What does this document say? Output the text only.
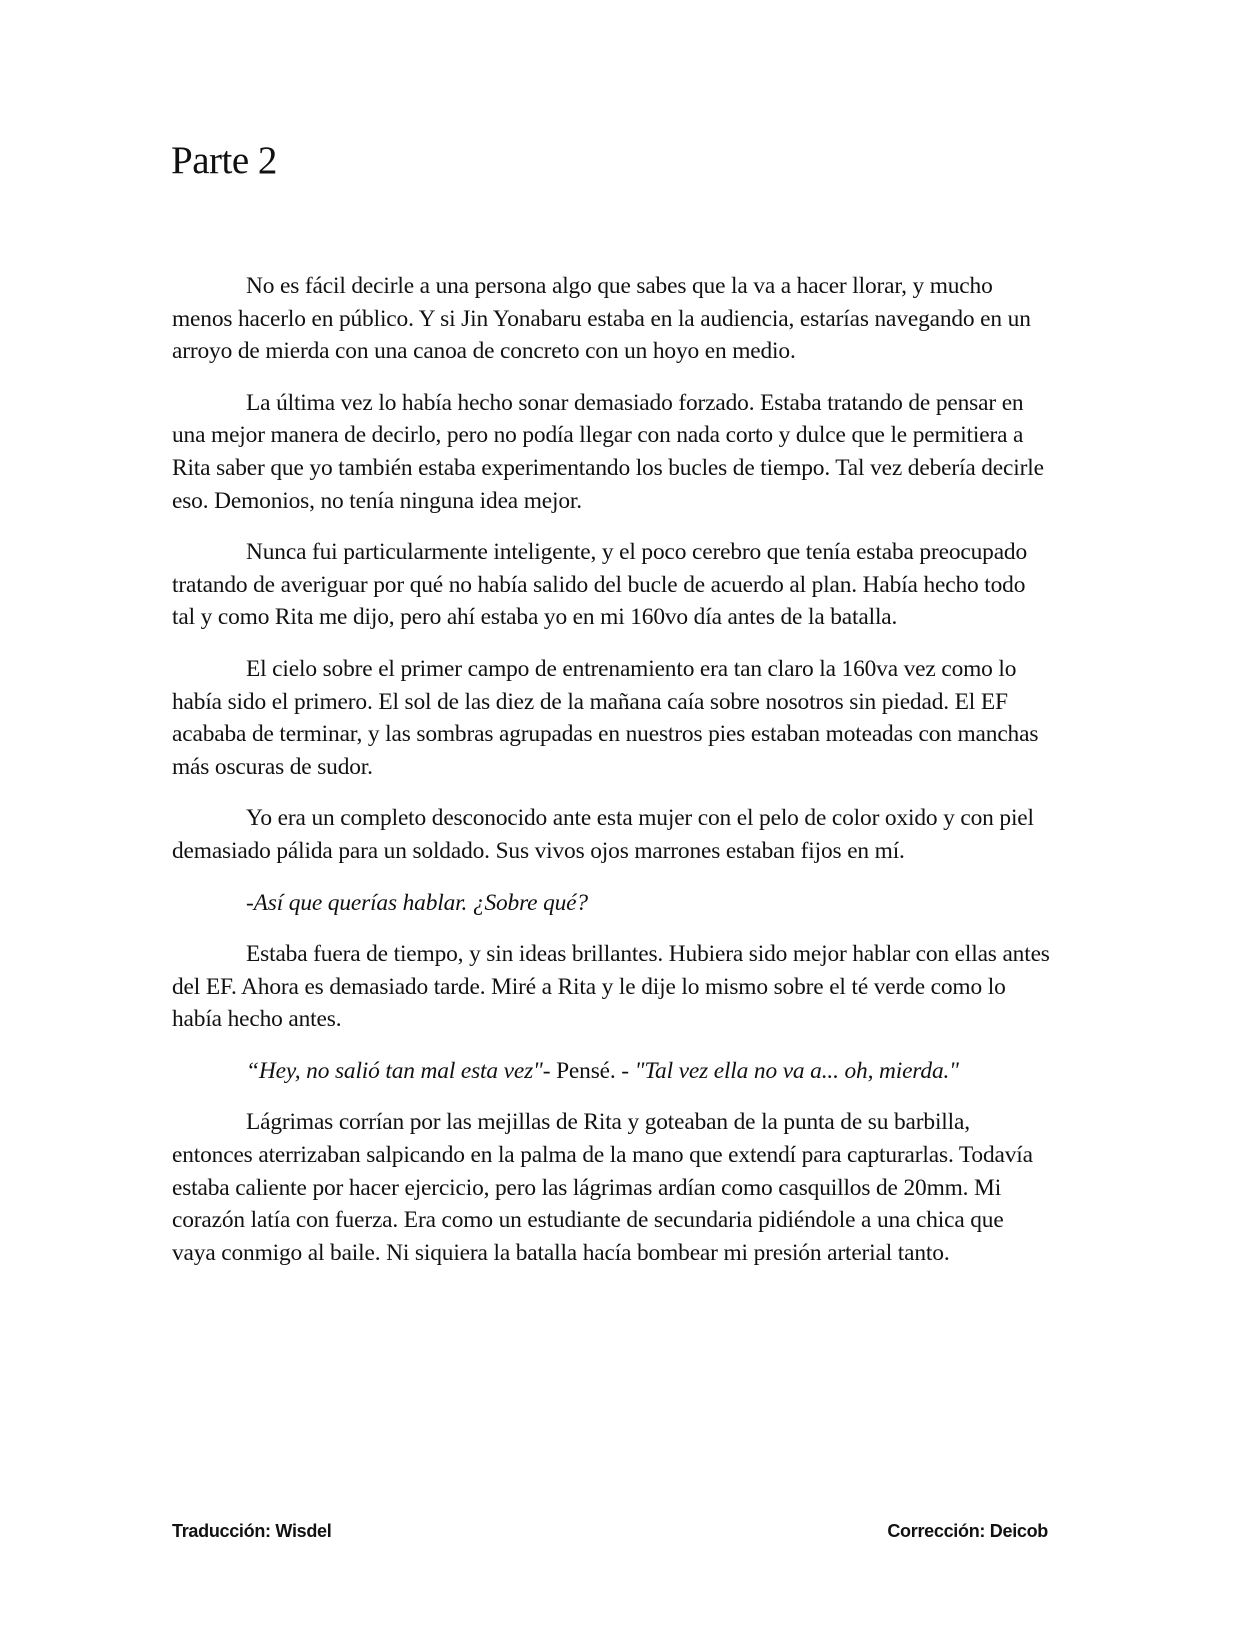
Parte 2

No es fácil decirle a una persona algo que sabes que la va a hacer llorar, y mucho menos hacerlo en público. Y si Jin Yonabaru estaba en la audiencia, estarías navegando en un arroyo de mierda con una canoa de concreto con un hoyo en medio.

La última vez lo había hecho sonar demasiado forzado. Estaba tratando de pensar en una mejor manera de decirlo, pero no podía llegar con nada corto y dulce que le permitiera a Rita saber que yo también estaba experimentando los bucles de tiempo. Tal vez debería decirle eso. Demonios, no tenía ninguna idea mejor.

Nunca fui particularmente inteligente, y el poco cerebro que tenía estaba preocupado tratando de averiguar por qué no había salido del bucle de acuerdo al plan. Había hecho todo tal y como Rita me dijo, pero ahí estaba yo en mi 160vo día antes de la batalla.

El cielo sobre el primer campo de entrenamiento era tan claro la 160va vez como lo había sido el primero. El sol de las diez de la mañana caía sobre nosotros sin piedad. El EF acababa de terminar, y las sombras agrupadas en nuestros pies estaban moteadas con manchas más oscuras de sudor.

Yo era un completo desconocido ante esta mujer con el pelo de color oxido y con piel demasiado pálida para un soldado. Sus vivos ojos marrones estaban fijos en mí.

-Así que querías hablar. ¿Sobre qué?

Estaba fuera de tiempo, y sin ideas brillantes. Hubiera sido mejor hablar con ellas antes del EF. Ahora es demasiado tarde. Miré a Rita y le dije lo mismo sobre el té verde como lo había hecho antes.

“Hey, no salió tan mal esta vez"- Pensé. - "Tal vez ella no va a... oh, mierda."

Lágrimas corrían por las mejillas de Rita y goteaban de la punta de su barbilla, entonces aterrizaban salpicando en la palma de la mano que extendí para capturarlas. Todavía estaba caliente por hacer ejercicio, pero las lágrimas ardían como casquillos de 20mm. Mi corazón latía con fuerza. Era como un estudiante de secundaria pidiéndole a una chica que vaya conmigo al baile. Ni siquiera la batalla hacía bombear mi presión arterial tanto.

Traducción: Wisdel	Corrección: Deicob
